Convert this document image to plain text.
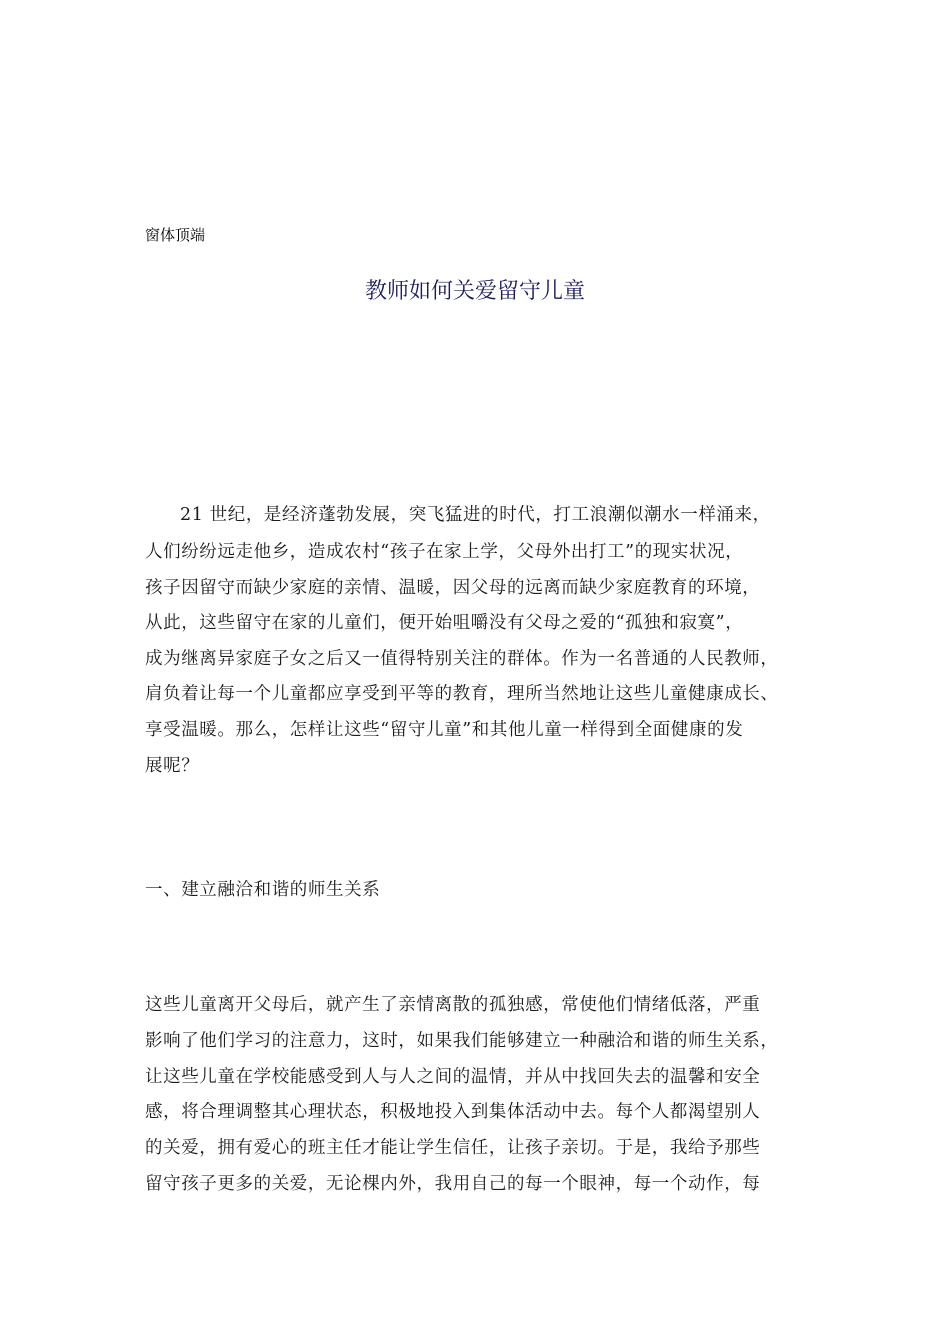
窗体顶端
教师如何关爱留守儿童
21 世纪，是经济蓬勃发展，突飞猛进的时代，打工浪潮似潮水一样涌来，
人们纷纷远走他乡，造成农村“孩子在家上学，父母外出打工”的现实状况，
孩子因留守而缺少家庭的亲情、温暖，因父母的远离而缺少家庭教育的环境，
从此，这些留守在家的儿童们，便开始咀嚼没有父母之爱的“孤独和寂寞”，
成为继离异家庭子女之后又一值得特别关注的群体。作为一名普通的人民教师，
肩负着让每一个儿童都应享受到平等的教育，理所当然地让这些儿童健康成长、
享受温暖。那么，怎样让这些“留守儿童”和其他儿童一样得到全面健康的发
展呢？
一、建立融洽和谐的师生关系
这些儿童离开父母后，就产生了亲情离散的孤独感，常使他们情绪低落，严重
影响了他们学习的注意力，这时，如果我们能够建立一种融洽和谐的师生关系，
让这些儿童在学校能感受到人与人之间的温情，并从中找回失去的温馨和安全
感，将合理调整其心理状态，积极地投入到集体活动中去。每个人都渴望别人
的关爱，拥有爱心的班主任才能让学生信任，让孩子亲切。于是，我给予那些
留守孩子更多的关爱，无论棵内外，我用自己的每一个眼神，每一个动作，每
